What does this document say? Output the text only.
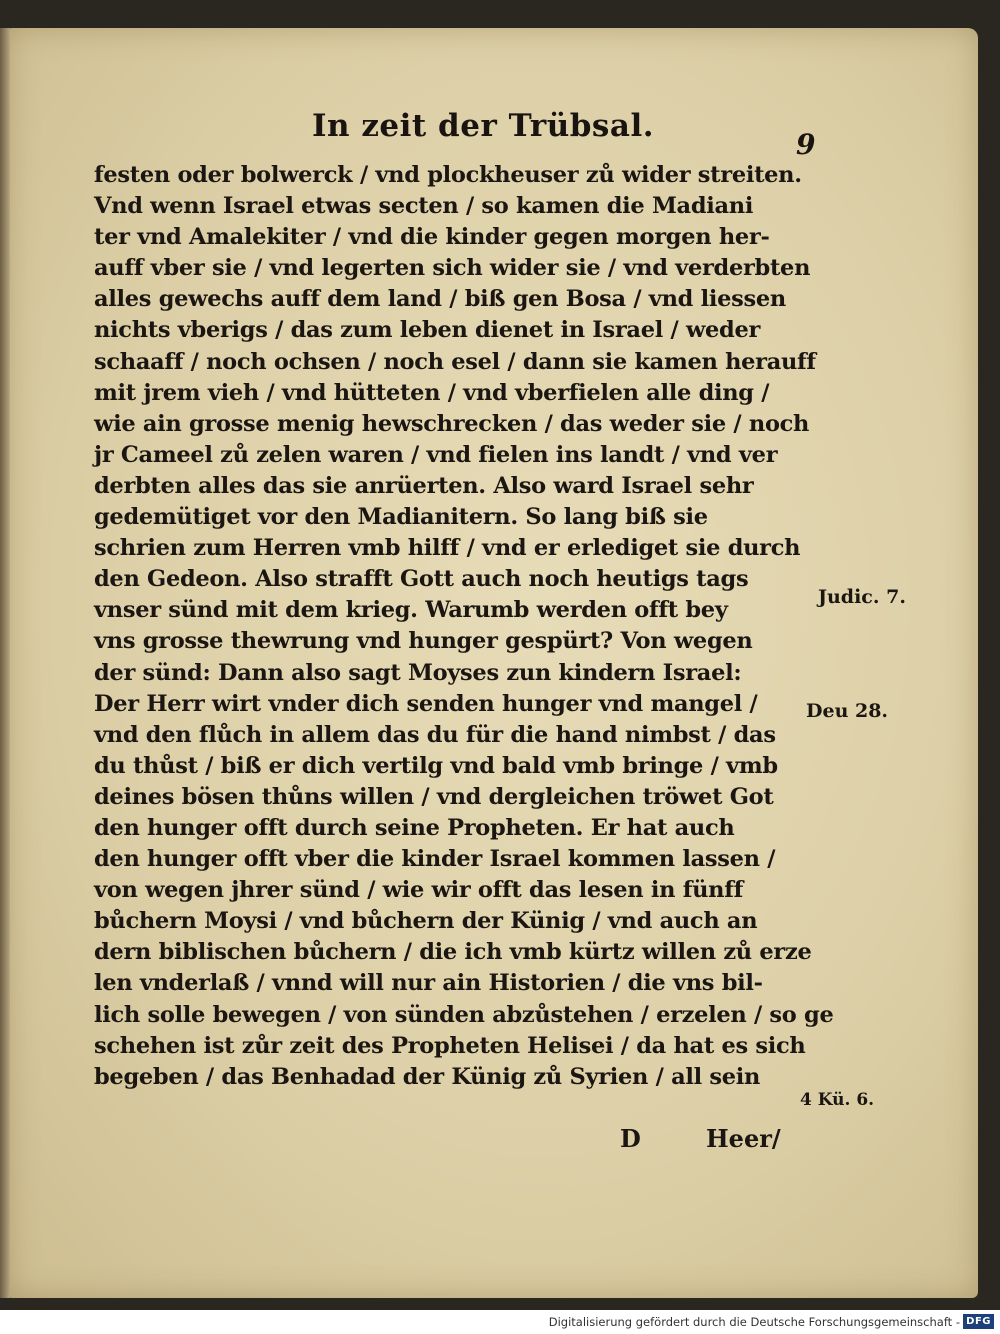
In zeit der Trübsal.
9
festen oder bolwerck / vnd plockheuser zů wider streiten.
Vnd wenn Israel etwas secten / so kamen die Madiani
ter vnd Amalekiter / vnd die kinder gegen morgen her-
auff vber sie / vnd legerten sich wider sie / vnd verderbten
alles gewechs auff dem land / biß gen Bosa / vnd liessen
nichts vberigs / das zum leben dienet in Israel / weder
schaaff / noch ochsen / noch esel / dann sie kamen herauff
mit jrem vieh / vnd hütteten / vnd vberfielen alle ding /
wie ain grosse menig hewschrecken / das weder sie / noch
jr Cameel zů zelen waren / vnd fielen ins landt / vnd ver
derbten alles das sie anrüerten. Also ward Israel sehr
gedemütiget vor den Madianitern. So lang biß sie
schrien zum Herren vmb hilff / vnd er erlediget sie durch
den Gedeon. Also strafft Gott auch noch heutigs tags
vnser sünd mit dem krieg. Warumb werden offt bey
vns grosse thewrung vnd hunger gespürt? Von wegen
der sünd: Dann also sagt Moyses zun kindern Israel:
Der Herr wirt vnder dich senden hunger vnd mangel /
vnd den flůch in allem das du für die hand nimbst / das
du thůst / biß er dich vertilg vnd bald vmb bringe / vmb
deines bösen thůns willen / vnd dergleichen tröwet Got
den hunger offt durch seine Propheten. Er hat auch
den hunger offt vber die kinder Israel kommen lassen /
von wegen jhrer sünd / wie wir offt das lesen in fünff
bůchern Moysi / vnd bůchern der Künig / vnd auch an
dern biblischen bůchern / die ich vmb kürtz willen zů erze
len vnderlaß / vnnd will nur ain Historien / die vns bil-
lich solle bewegen / von sünden abzůstehen / erzelen / so ge
schehen ist zůr zeit des Propheten Helisei / da hat es sich
begeben / das Benhadad der Künig zů Syrien / all sein
Judic. 7.
Deu 28.
4 Kü. 6.
D	Heer/
Digitalisierung gefördert durch die Deutsche Forschungsgemeinschaft - DFG
